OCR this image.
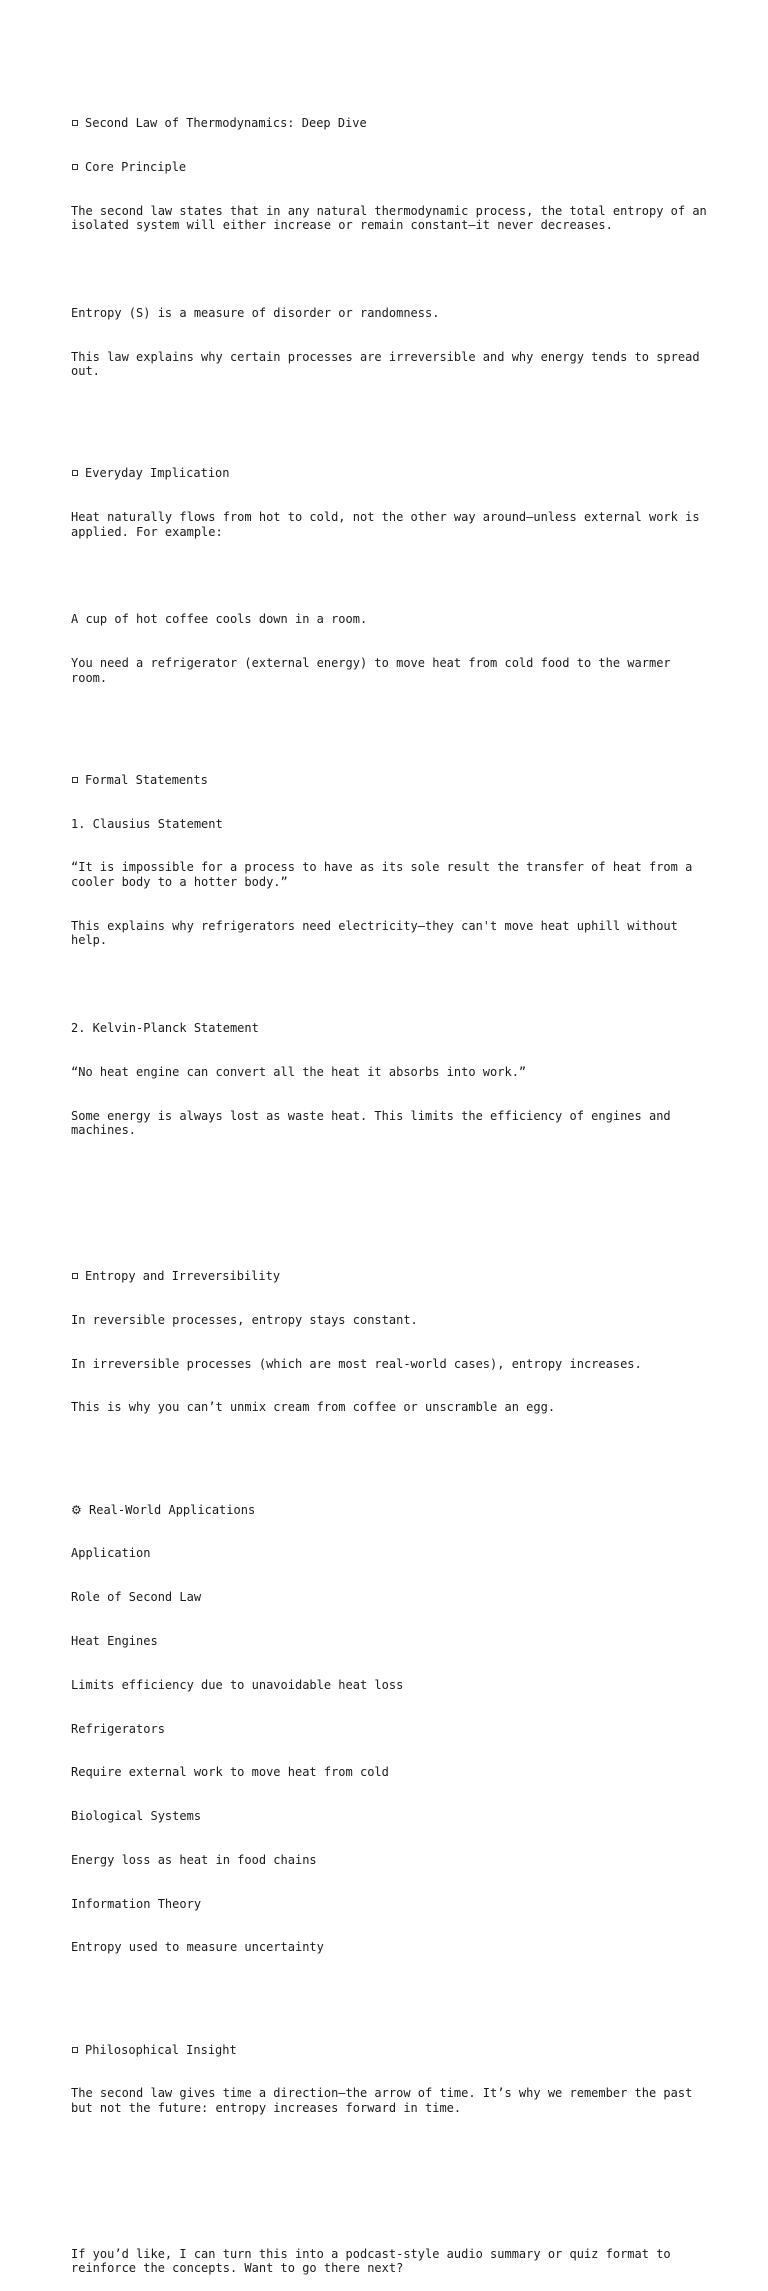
Second Law of Thermodynamics: Deep Dive

Core Principle

The second law states that in any natural thermodynamic process, the total entropy of an isolated system will either increase or remain constant—it never decreases.

Entropy (S) is a measure of disorder or randomness.

This law explains why certain processes are irreversible and why energy tends to spread out.

Everyday Implication

Heat naturally flows from hot to cold, not the other way around—unless external work is applied. For example:

A cup of hot coffee cools down in a room.

You need a refrigerator (external energy) to move heat from cold food to the warmer room.

Formal Statements

1. Clausius Statement

“It is impossible for a process to have as its sole result the transfer of heat from a cooler body to a hotter body.”

This explains why refrigerators need electricity—they can't move heat uphill without help.

2. Kelvin-Planck Statement

“No heat engine can convert all the heat it absorbs into work.”

Some energy is always lost as waste heat. This limits the efficiency of engines and machines.

Entropy and Irreversibility

In reversible processes, entropy stays constant.

In irreversible processes (which are most real-world cases), entropy increases.

This is why you can’t unmix cream from coffee or unscramble an egg.

⚙ Real-World Applications

Application

Role of Second Law

Heat Engines

Limits efficiency due to unavoidable heat loss

Refrigerators

Require external work to move heat from cold

Biological Systems

Energy loss as heat in food chains

Information Theory

Entropy used to measure uncertainty

Philosophical Insight

The second law gives time a direction—the arrow of time. It’s why we remember the past but not the future: entropy increases forward in time.

If you’d like, I can turn this into a podcast-style audio summary or quiz format to reinforce the concepts. Want to go there next?
